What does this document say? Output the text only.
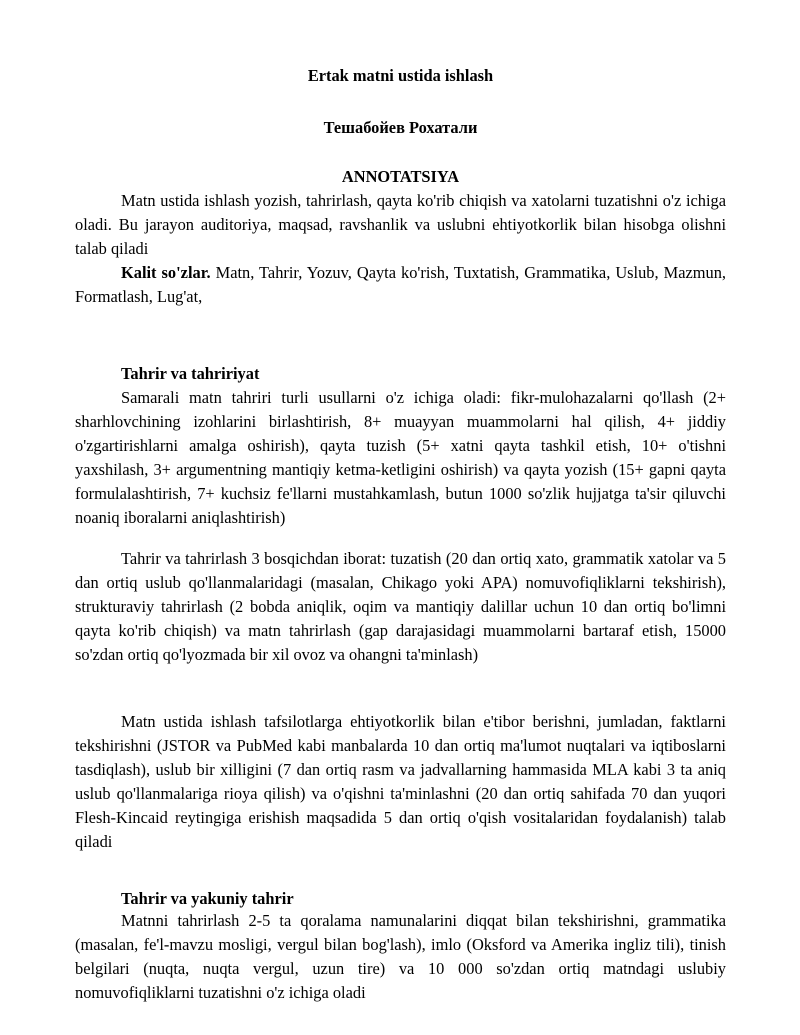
Ertak matni ustida ishlash
Тешабойев Рохатали
ANNOTATSIYA

Matn ustida ishlash yozish, tahrirlash, qayta ko'rib chiqish va xatolarni tuzatishni o'z ichiga oladi. Bu jarayon auditoriya, maqsad, ravshanlik va uslubni ehtiyotkorlik bilan hisobga olishni talab qiladi

Kalit so'zlar. Matn, Tahrir, Yozuv, Qayta ko'rish, Tuxtatish, Grammatika, Uslub, Mazmun, Formatlash, Lug'at,

Tahrir va tahririyat

Samarali matn tahriri turli usullarni o'z ichiga oladi: fikr-mulohazalarni qo'llash (2+ sharhlovchining izohlarini birlashtirish, 8+ muayyan muammolarni hal qilish, 4+ jiddiy o'zgartirishlarni amalga oshirish), qayta tuzish (5+ xatni qayta tashkil etish, 10+ o'tishni yaxshilash, 3+ argumentning mantiqiy ketma-ketligini oshirish) va qayta yozish (15+ gapni qayta formulalashtirish, 7+ kuchsiz fe'llarni mustahkamlash, butun 1000 so'zlik hujjatga ta'sir qiluvchi noaniq iboralarni aniqlashtirish)

Tahrir va tahrirlash 3 bosqichdan iborat: tuzatish (20 dan ortiq xato, grammatik xatolar va 5 dan ortiq uslub qo'llanmalaridagi (masalan, Chikago yoki APA) nomuvofiqliklarni tekshirish), strukturaviy tahrirlash (2 bobda aniqlik, oqim va mantiqiy dalillar uchun 10 dan ortiq bo'limni qayta ko'rib chiqish) va matn tahrirlash (gap darajasidagi muammolarni bartaraf etish, 15000 so'zdan ortiq qo'lyozmada bir xil ovoz va ohangni ta'minlash)

Matn ustida ishlash tafsilotlarga ehtiyotkorlik bilan e'tibor berishni, jumladan, faktlarni tekshirishni (JSTOR va PubMed kabi manbalarda 10 dan ortiq ma'lumot nuqtalari va iqtiboslarni tasdiqlash), uslub bir xilligini (7 dan ortiq rasm va jadvallarning hammasida MLA kabi 3 ta aniq uslub qo'llanmalariga rioya qilish) va o'qishni ta'minlashni (20 dan ortiq sahifada 70 dan yuqori Flesh-Kincaid reytingiga erishish maqsadida 5 dan ortiq o'qish vositalaridan foydalanish) talab qiladi

Tahrir va yakuniy tahrir

Matnni tahrirlash 2-5 ta qoralama namunalarini diqqat bilan tekshirishni, grammatika (masalan, fe'l-mavzu mosligi, vergul bilan bog'lash), imlo (Oksford va Amerika ingliz tili), tinish belgilari (nuqta, nuqta vergul, uzun tire) va 10 000 so'zdan ortiq matndagi uslubiy nomuvofiqliklarni tuzatishni o'z ichiga oladi
